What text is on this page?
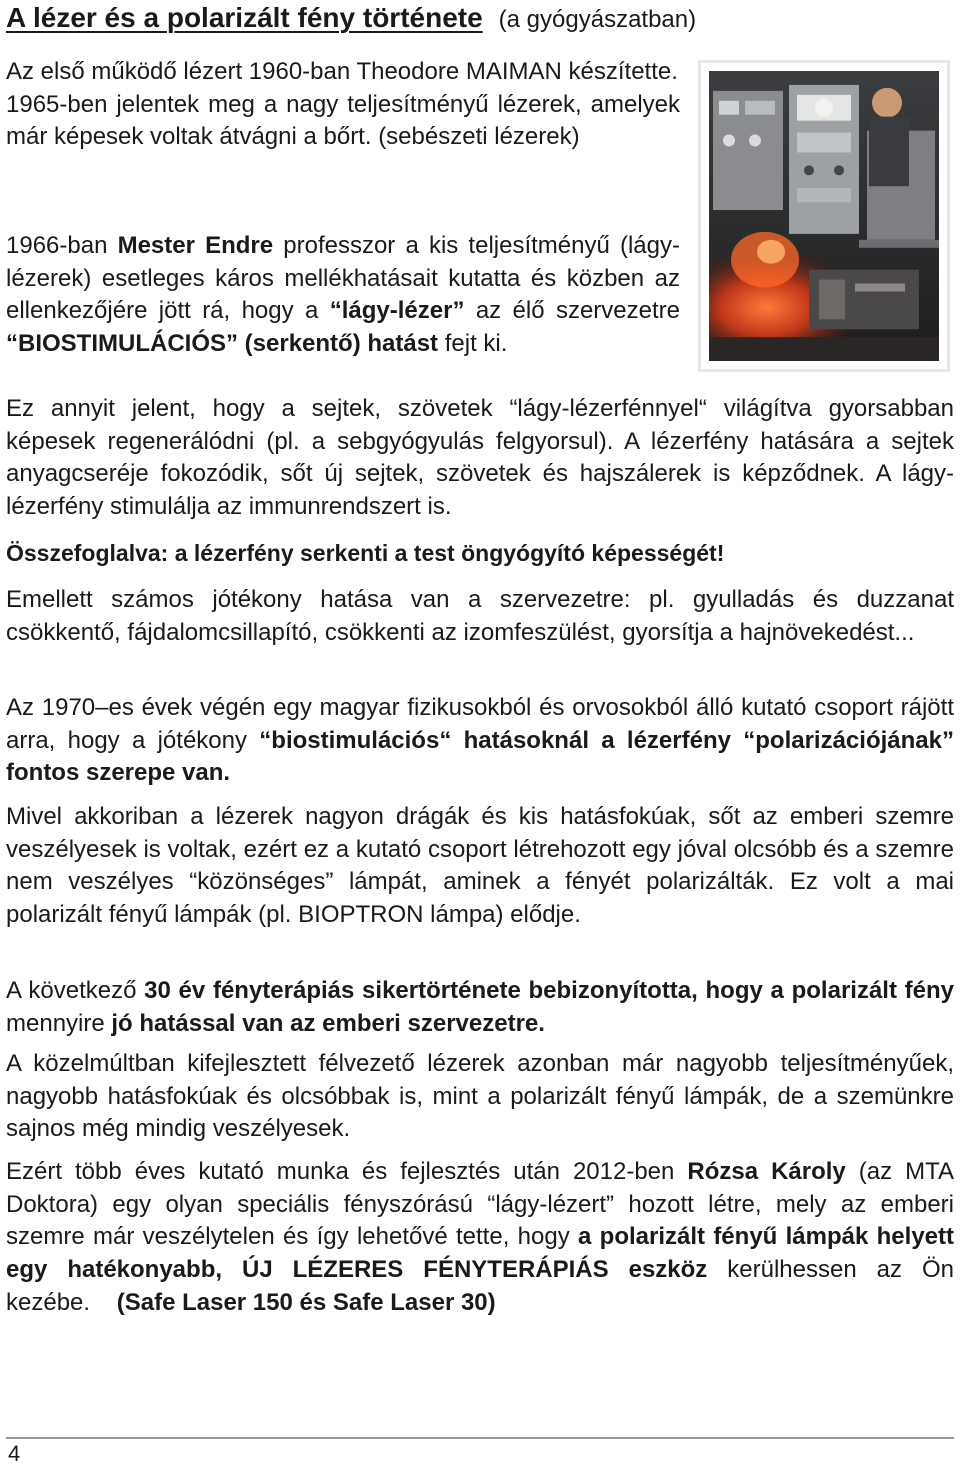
A lézer és a polarizált fény története (a gyógyászatban)

Az első működő lézert 1960-ban Theodore MAIMAN készítette.
1965-ben jelentek meg a nagy teljesítményű lézerek, amelyek már képesek voltak átvágni a bőrt. (sebészeti lézerek)

1966-ban Mester Endre professzor a kis teljesítményű (lágy-lézerek) esetleges káros mellékhatásait kutatta és közben az ellenkezőjére jött rá, hogy a “lágy-lézer” az élő szervezetre “BIOSTIMULÁCIÓS” (serkentő) hatást fejt ki.

Ez annyit jelent, hogy a sejtek, szövetek “lágy-lézerfénnyel“ világítva gyorsabban képesek regenerálódni (pl. a sebgyógyulás felgyorsul). A lézerfény hatására a sejtek anyagcseréje fokozódik, sőt új sejtek, szövetek és hajszálerek is képződnek. A lágy-lézerfény stimulálja az immunrendszert is.

Összefoglalva: a lézerfény serkenti a test öngyógyító képességét!

Emellett számos jótékony hatása van a szervezetre: pl. gyulladás és duzzanat csökkentő, fájdalomcsillapító, csökkenti az izomfeszülést, gyorsítja a hajnövekedést...

Az 1970–es évek végén egy magyar fizikusokból és orvosokból álló kutató csoport rájött arra, hogy a jótékony “biostimulációs“ hatásoknál a lézerfény “polarizációjának” fontos szerepe van.

Mivel akkoriban a lézerek nagyon drágák és kis hatásfokúak, sőt az emberi szemre veszélyesek is voltak, ezért ez a kutató csoport létrehozott egy jóval olcsóbb és a szemre nem veszélyes “közönséges” lámpát, aminek a fényét polarizálták. Ez volt a mai polarizált fényű lámpák (pl. BIOPTRON lámpa) elődje.

A következő 30 év fényterápiás sikertörténete bebizonyította, hogy a polarizált fény mennyire jó hatással van az emberi szervezetre.

A közelmúltban kifejlesztett félvezető lézerek azonban már nagyobb teljesítményűek, nagyobb hatásfokúak és olcsóbbak is, mint a polarizált fényű lámpák, de a szemünkre sajnos még mindig veszélyesek.

Ezért több éves kutató munka és fejlesztés után 2012-ben Rózsa Károly (az MTA Doktora) egy olyan speciális fényszórású “lágy-lézert” hozott létre, mely az emberi szemre már veszélytelen és így lehetővé tette, hogy a polarizált fényű lámpák helyett egy hatékonyabb, ÚJ LÉZERES FÉNYTERÁPIÁS eszköz kerülhessen az Ön kezébe. (Safe Laser 150 és Safe Laser 30)

4
